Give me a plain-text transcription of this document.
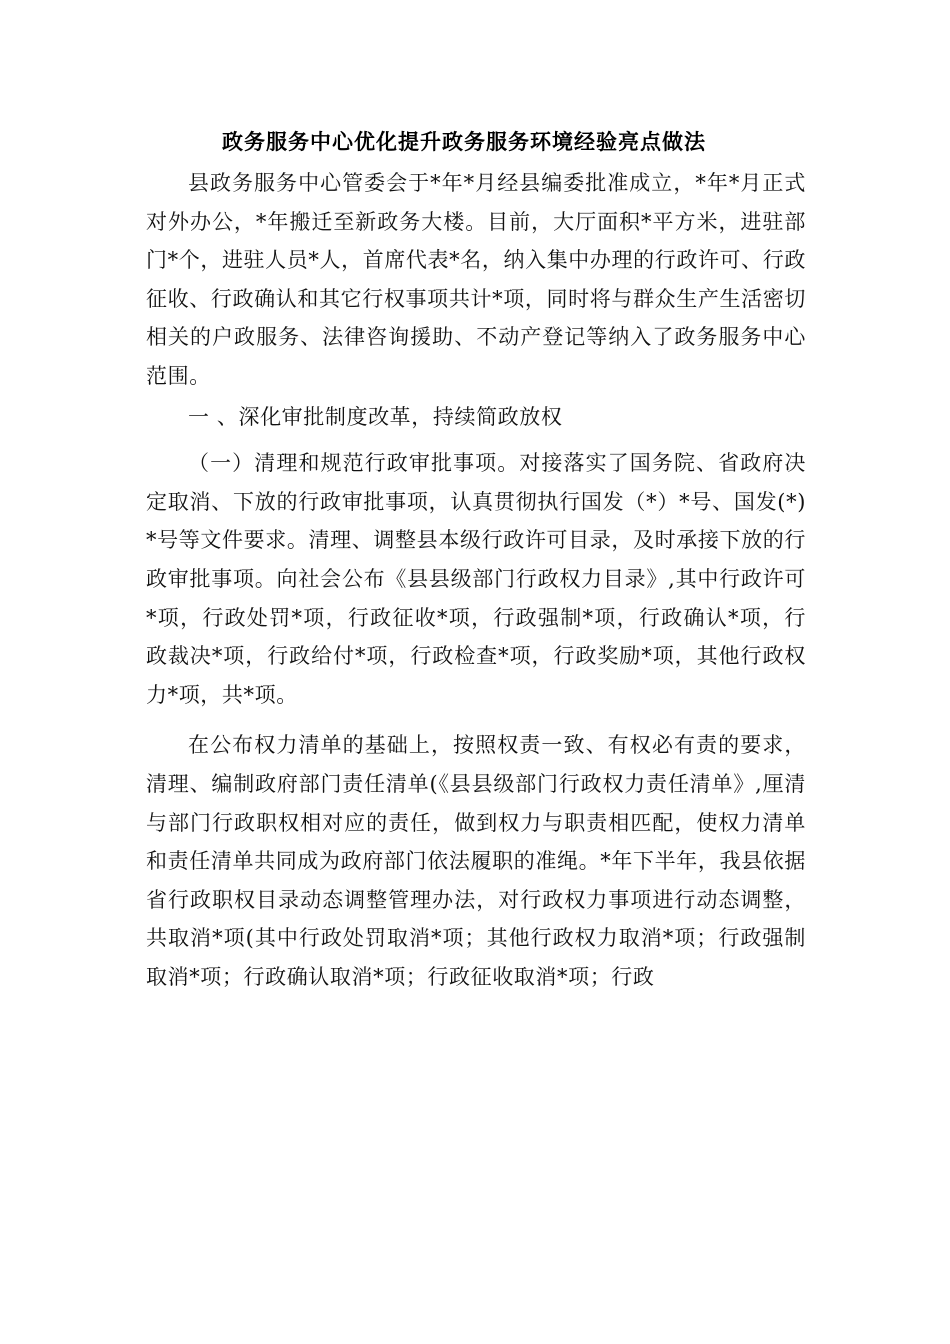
政务服务中心优化提升政务服务环境经验亮点做法

县政务服务中心管委会于*年*月经县编委批准成立，*年*月正式对外办公，*年搬迁至新政务大楼。目前，大厅面积*平方米，进驻部门*个，进驻人员*人，首席代表*名，纳入集中办理的行政许可、行政征收、行政确认和其它行权事项共计*项，同时将与群众生产生活密切相关的户政服务、法律咨询援助、不动产登记等纳入了政务服务中心范围。

一 、深化审批制度改革，持续简政放权

（一）清理和规范行政审批事项。对接落实了国务院、省政府决定取消、下放的行政审批事项，认真贯彻执行国发（*）*号、国发(*)*号等文件要求。清理、调整县本级行政许可目录，及时承接下放的行政审批事项。向社会公布《县县级部门行政权力目录》,其中行政许可*项，行政处罚*项，行政征收*项，行政强制*项，行政确认*项，行政裁决*项，行政给付*项，行政检查*项，行政奖励*项，其他行政权力*项，共*项。

在公布权力清单的基础上，按照权责一致、有权必有责的要求，清理、编制政府部门责任清单(《县县级部门行政权力责任清单》,厘清与部门行政职权相对应的责任，做到权力与职责相匹配，使权力清单和责任清单共同成为政府部门依法履职的准绳。*年下半年，我县依据省行政职权目录动态调整管理办法，对行政权力事项进行动态调整，共取消*项(其中行政处罚取消*项；其他行政权力取消*项；行政强制取消*项；行政确认取消*项；行政征收取消*项；行政
